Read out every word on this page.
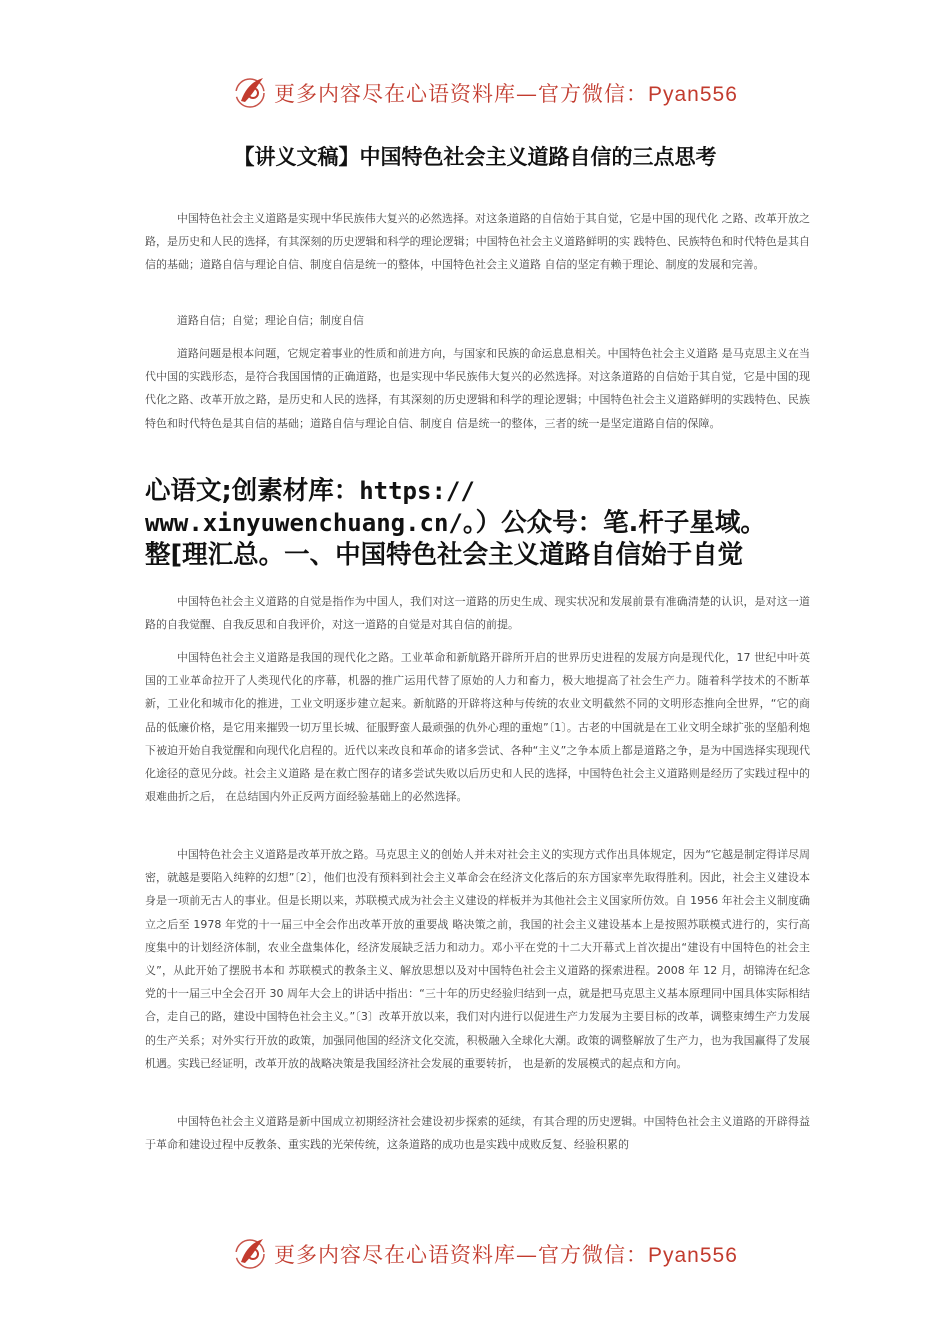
更多内容尽在心语资料库—官方微信：Pyan556
【讲义文稿】中国特色社会主义道路自信的三点思考

中国特色社会主义道路是实现中华民族伟大复兴的必然选择。对这条道路的自信始于其自觉，它是中国的现代化 之路、改革开放之路，是历史和人民的选择，有其深刻的历史逻辑和科学的理论逻辑；中国特色社会主义道路鲜明的实 践特色、民族特色和时代特色是其自信的基础；道路自信与理论自信、制度自信是统一的整体，中国特色社会主义道路 自信的坚定有赖于理论、制度的发展和完善。

道路自信；自觉；理论自信；制度自信

道路问题是根本问题，它规定着事业的性质和前进方向，与国家和民族的命运息息相关。中国特色社会主义道路 是马克思主义在当代中国的实践形态，是符合我国国情的正确道路，也是实现中华民族伟大复兴的必然选择。对这条道路的自信始于其自觉，它是中国的现代化之路、改革开放之路，是历史和人民的选择，有其深刻的历史逻辑和科学的理论逻辑；中国特色社会主义道路鲜明的实践特色、民族特色和时代特色是其自信的基础；道路自信与理论自信、制度自 信是统一的整体，三者的统一是坚定道路自信的保障。

心语文;创素材库：https://
www.xinyuwenchuang.cn/。）公众号：笔.杆子星域。
整[理汇总。一、中国特色社会主义道路自信始于自觉

中国特色社会主义道路的自觉是指作为中国人，我们对这一道路的历史生成、现实状况和发展前景有准确清楚的认识，是对这一道路的自我觉醒、自我反思和自我评价，对这一道路的自觉是对其自信的前提。

中国特色社会主义道路是我国的现代化之路。工业革命和新航路开辟所开启的世界历史进程的发展方向是现代化，17 世纪中叶英国的工业革命拉开了人类现代化的序幕，机器的推广运用代替了原始的人力和畜力，极大地提高了社会生产力。随着科学技术的不断革新，工业化和城市化的推进，工业文明逐步建立起来。新航路的开辟将这种与传统的农业文明截然不同的文明形态推向全世界，“它的商品的低廉价格，是它用来摧毁一切万里长城、征服野蛮人最顽强的仇外心理的重炮”〔1〕。古老的中国就是在工业文明全球扩张的坚船利炮下被迫开始自我觉醒和向现代化启程的。近代以来改良和革命的诸多尝试、各种“主义”之争本质上都是道路之争，是为中国选择实现现代化途径的意见分歧。社会主义道路 是在救亡图存的诸多尝试失败以后历史和人民的选择，中国特色社会主义道路则是经历了实践过程中的艰难曲折之后， 在总结国内外正反两方面经验基础上的必然选择。

中国特色社会主义道路是改革开放之路。马克思主义的创始人并未对社会主义的实现方式作出具体规定，因为“它越是制定得详尽周密，就越是要陷入纯粹的幻想”〔2〕，他们也没有预料到社会主义革命会在经济文化落后的东方国家率先取得胜利。因此，社会主义建设本身是一项前无古人的事业。但是长期以来，苏联模式成为社会主义建设的样板并为其他社会主义国家所仿效。自 1956 年社会主义制度确立之后至 1978 年党的十一届三中全会作出改革开放的重要战 略决策之前，我国的社会主义建设基本上是按照苏联模式进行的，实行高度集中的计划经济体制，农业全盘集体化，经济发展缺乏活力和动力。邓小平在党的十二大开幕式上首次提出“建设有中国特色的社会主义”，从此开始了摆脱书本和 苏联模式的教条主义、解放思想以及对中国特色社会主义道路的探索进程。2008 年 12 月，胡锦涛在纪念党的十一届三中全会召开 30 周年大会上的讲话中指出：“三十年的历史经验归结到一点，就是把马克思主义基本原理同中国具体实际相结合，走自己的路，建设中国特色社会主义。”〔3〕改革开放以来，我们对内进行以促进生产力发展为主要目标的改革，调整束缚生产力发展的生产关系；对外实行开放的政策，加强同他国的经济文化交流，积极融入全球化大潮。政策的调整解放了生产力，也为我国赢得了发展机遇。实践已经证明，改革开放的战略决策是我国经济社会发展的重要转折， 也是新的发展模式的起点和方向。

中国特色社会主义道路是新中国成立初期经济社会建设初步探索的延续，有其合理的历史逻辑。中国特色社会主义道路的开辟得益于革命和建设过程中反教条、重实践的光荣传统，这条道路的成功也是实践中成败反复、经验积累的

更多内容尽在心语资料库—官方微信：Pyan556
